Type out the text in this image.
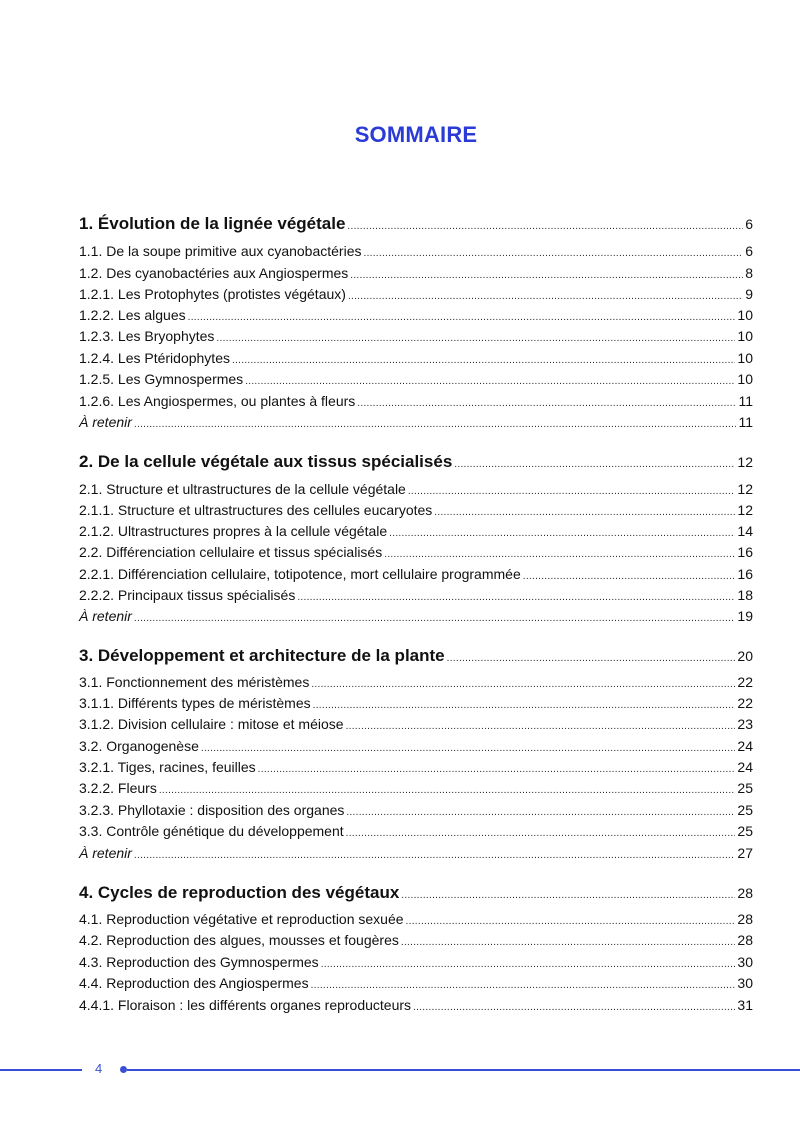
SOMMAIRE
1. Évolution de la lignée végétale .....	6
1.1. De la soupe primitive aux cyanobactéries .....	6
1.2. Des cyanobactéries aux Angiospermes .....	8
1.2.1. Les Protophytes (protistes végétaux) .....	9
1.2.2. Les algues .....	10
1.2.3. Les Bryophytes .....	10
1.2.4. Les Ptéridophytes .....	10
1.2.5. Les Gymnospermes .....	10
1.2.6. Les Angiospermes, ou plantes à fleurs .....	11
À retenir .....	11
2. De la cellule végétale aux tissus spécialisés .....	12
2.1. Structure et ultrastructures de la cellule végétale .....	12
2.1.1. Structure et ultrastructures des cellules eucaryotes .....	12
2.1.2. Ultrastructures propres à la cellule végétale .....	14
2.2. Différenciation cellulaire et tissus spécialisés .....	16
2.2.1. Différenciation cellulaire, totipotence, mort cellulaire programmée .....	16
2.2.2. Principaux tissus spécialisés .....	18
À retenir .....	19
3. Développement et architecture de la plante .....	20
3.1. Fonctionnement des méristèmes .....	22
3.1.1. Différents types de méristèmes .....	22
3.1.2. Division cellulaire : mitose et méiose .....	23
3.2. Organogenèse .....	24
3.2.1. Tiges, racines, feuilles .....	24
3.2.2. Fleurs .....	25
3.2.3. Phyllotaxie : disposition des organes .....	25
3.3. Contrôle génétique du développement .....	25
À retenir .....	27
4. Cycles de reproduction des végétaux .....	28
4.1. Reproduction végétative et reproduction sexuée .....	28
4.2. Reproduction des algues, mousses et fougères .....	28
4.3. Reproduction des Gymnospermes .....	30
4.4. Reproduction des Angiospermes .....	30
4.4.1. Floraison : les différents organes reproducteurs .....	31
4
